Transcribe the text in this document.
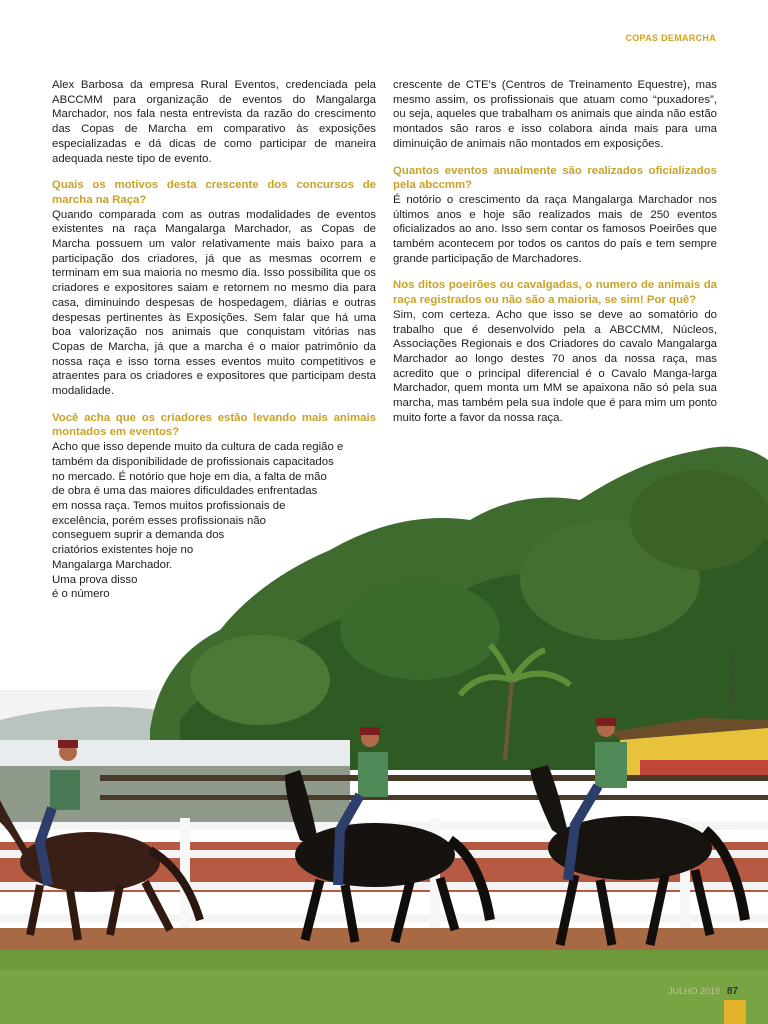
COPAS DEMARCHA

Alex Barbosa da empresa Rural Eventos, credenciada pela ABCCMM para organização de eventos do Mangalarga Marchador, nos fala nesta entrevista da razão do crescimento das Copas de Marcha em comparativo às exposições especializadas e dá dicas de como participar de maneira adequada neste tipo de evento.

Quais os motivos desta crescente dos concursos de marcha na Raça?

Quando comparada com as outras modalidades de eventos existentes na raça Mangalarga Marchador, as Copas de Marcha possuem um valor relativamente mais baixo para a participação dos criadores, já que as mesmas ocorrem e terminam em sua maioria no mesmo dia. Isso possibilita que os criadores e expositores saiam e retornem no mesmo dia para casa, diminuindo despesas de hospedagem, diárias e outras despesas pertinentes às Exposições. Sem falar que há uma boa valorização nos animais que conquistam vitórias nas Copas de Marcha, já que a marcha é o maior patrimônio da nossa raça e isso torna esses eventos muito competitivos e atraentes para os criadores e expositores que participam desta modalidade.

Você acha que os criadores estão levando mais animais montados em eventos?

Acho que isso depende muito da cultura de cada região e
também da disponibilidade de profissionais capacitados
no mercado. É notório que hoje em dia, a falta de mão
de obra é uma das maiores dificuldades enfrentadas
em nossa raça. Temos muitos profissionais de
excelência, porém esses profissionais não
conseguem suprir a demanda dos
criatórios existentes hoje no
Mangalarga Marchador.
Uma prova disso
é o número

crescente de CTE's (Centros de Treinamento Equestre), mas mesmo assim, os profissionais que atuam como “puxadores”, ou seja, aqueles que trabalham os animais que ainda não estão montados são raros e isso colabora ainda mais para uma diminuição de animais não montados em exposições.

Quantos eventos anualmente são realizados oficializados pela abccmm?

É notório o crescimento da raça Mangalarga Marchador nos últimos anos e hoje são realizados mais de 250 eventos oficializados ao ano. Isso sem contar os famosos Poeirões que também acontecem por todos os cantos do país e tem sempre grande participação de Marchadores.

Nos ditos poeirões ou cavalgadas, o numero de animais da raça registrados ou não são a maioria, se sim! Por quê?

Sim, com certeza. Acho que isso se deve ao somatório do trabalho que é desenvolvido pela a ABCCMM, Núcleos, Associações Regionais e dos Criadores do cavalo Mangalarga Marchador ao longo destes 70 anos da nossa raça, mas acredito que o principal diferencial é o Cavalo Manga-larga Marchador, quem monta um MM se apaixona não só pela sua marcha, mas também pela sua índole que é para mim um ponto muito forte a favor da nossa raça.

Foto: divulgação
JULHO 2019 87
